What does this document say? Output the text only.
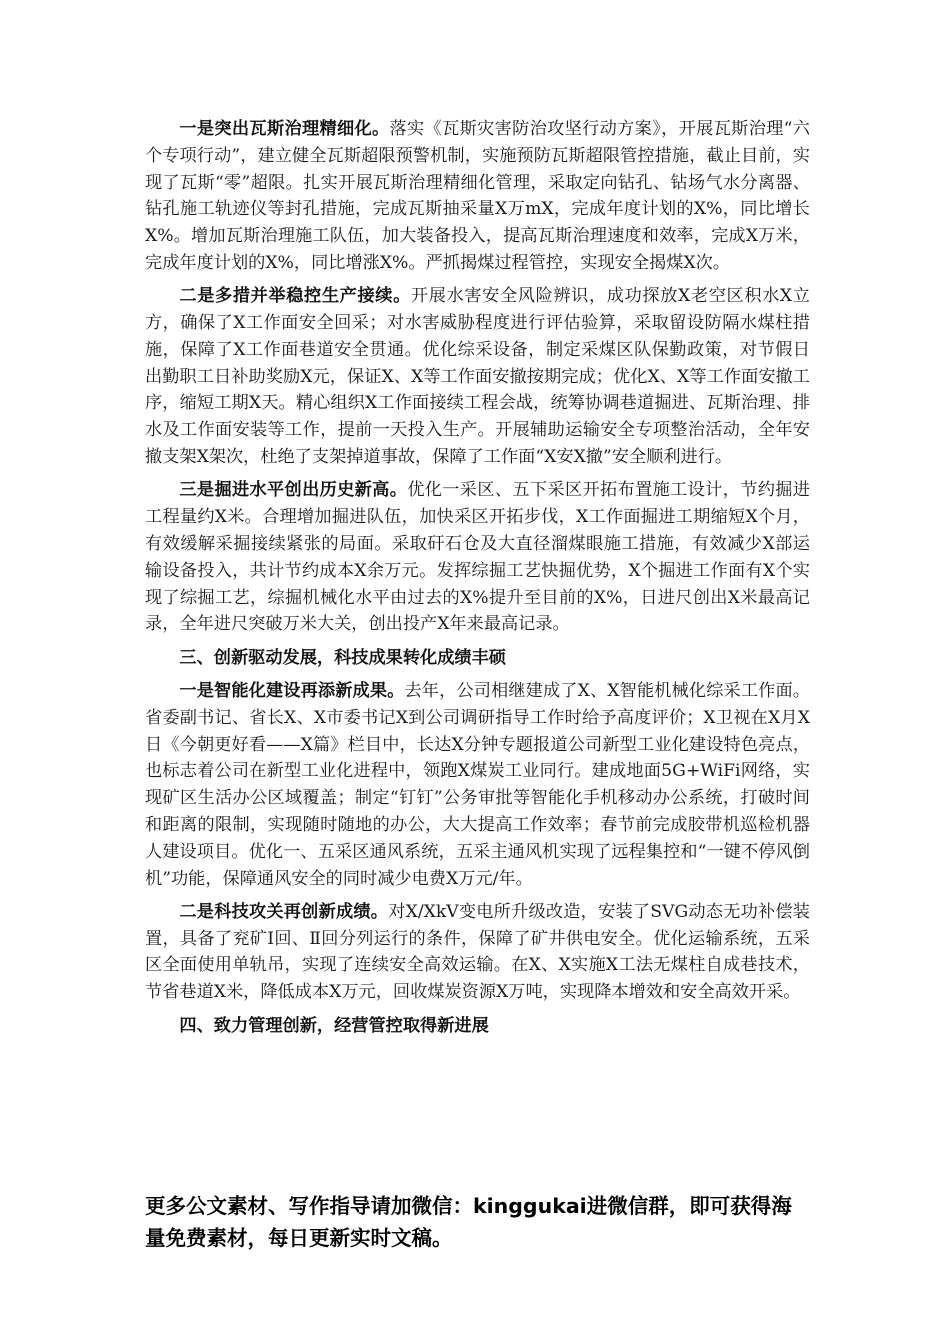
一是突出瓦斯治理精细化。落实《瓦斯灾害防治攻坚行动方案》，开展瓦斯治理“六个专项行动”，建立健全瓦斯超限预警机制，实施预防瓦斯超限管控措施，截止目前，实现了瓦斯“零”超限。扎实开展瓦斯治理精细化管理，采取定向钻孔、钻场气水分离器、钻孔施工轨迹仪等封孔措施，完成瓦斯抽采量X万mX，完成年度计划的X%，同比增长X%。增加瓦斯治理施工队伍，加大装备投入，提高瓦斯治理速度和效率，完成X万米，完成年度计划的X%，同比增涨X%。严抓揭煤过程管控，实现安全揭煤X次。

二是多措并举稳控生产接续。开展水害安全风险辨识，成功探放X老空区积水X立方，确保了X工作面安全回采；对水害威胁程度进行评估验算，采取留设防隔水煤柱措施，保障了X工作面巷道安全贯通。优化综采设备，制定采煤区队保勤政策，对节假日出勤职工日补助奖励X元，保证X、X等工作面安撤按期完成；优化X、X等工作面安撤工序，缩短工期X天。精心组织X工作面接续工程会战，统筹协调巷道掘进、瓦斯治理、排水及工作面安装等工作，提前一天投入生产。开展辅助运输安全专项整治活动，全年安撤支架X架次，杜绝了支架掉道事故，保障了工作面“X安X撤”安全顺利进行。

三是掘进水平创出历史新高。优化一采区、五下采区开拓布置施工设计，节约掘进工程量约X米。合理增加掘进队伍，加快采区开拓步伐，X工作面掘进工期缩短X个月，有效缓解采掘接续紧张的局面。采取矸石仓及大直径溜煤眼施工措施，有效减少X部运输设备投入，共计节约成本X余万元。发挥综掘工艺快掘优势，X个掘进工作面有X个实现了综掘工艺，综掘机械化水平由过去的X%提升至目前的X%，日进尺创出X米最高记录，全年进尺突破万米大关，创出投产X年来最高记录。

三、创新驱动发展，科技成果转化成绩丰硕

一是智能化建设再添新成果。去年，公司相继建成了X、X智能机械化综采工作面。省委副书记、省长X、X市委书记X到公司调研指导工作时给予高度评价；X卫视在X月X日《今朝更好看——X篇》栏目中，长达X分钟专题报道公司新型工业化建设特色亮点，也标志着公司在新型工业化进程中，领跑X煤炭工业同行。建成地面5G+WiFi网络，实现矿区生活办公区域覆盖；制定“钉钉”公务审批等智能化手机移动办公系统，打破时间和距离的限制，实现随时随地的办公，大大提高工作效率；春节前完成胶带机巡检机器人建设项目。优化一、五采区通风系统，五采主通风机实现了远程集控和“一键不停风倒机”功能，保障通风安全的同时减少电费X万元/年。

二是科技攻关再创新成绩。对X/XkV变电所升级改造，安装了SVG动态无功补偿装置，具备了兖矿Ⅰ回、Ⅱ回分列运行的条件，保障了矿井供电安全。优化运输系统，五采区全面使用单轨吊，实现了连续安全高效运输。在X、X实施X工法无煤柱自成巷技术，节省巷道X米，降低成本X万元，回收煤炭资源X万吨，实现降本增效和安全高效开采。

四、致力管理创新，经营管控取得新进展

更多公文素材、写作指导请加微信：kinggukai进微信群，即可获得海量免费素材，每日更新实时文稿。
